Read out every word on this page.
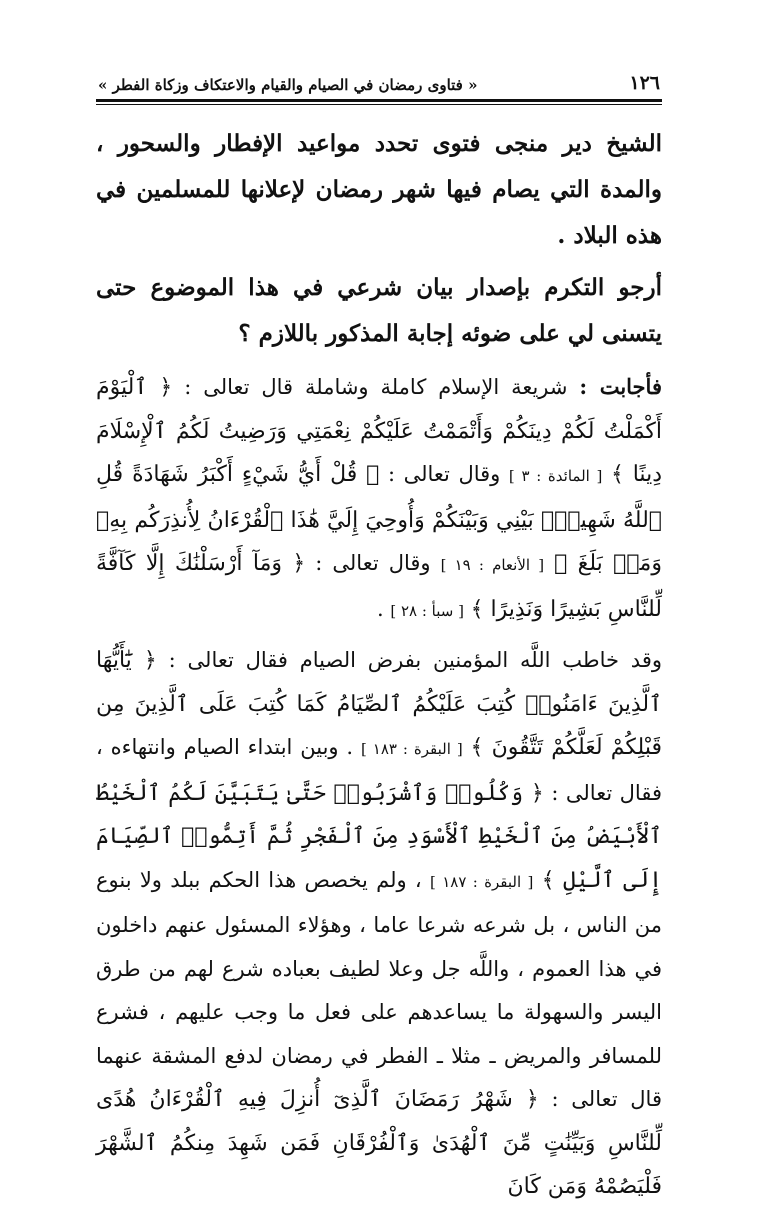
١٢٦
« فتاوى رمضان في الصيام والقيام والاعتكاف وزكاة الفطر »

الشيخ دير منجى فتوى تحدد مواعيد الإفطار والسحور ، والمدة التي يصام فيها شهر رمضان لإعلانها للمسلمين في هذه البلاد .

أرجو التكرم بإصدار بيان شرعي في هذا الموضوع حتى يتسنى لي على ضوئه إجابة المذكور باللازم ؟

فأجابت : شريعة الإسلام كاملة وشاملة قال تعالى : ﴿ ٱلْيَوْمَ أَكْمَلْتُ لَكُمْ دِينَكُمْ وَأَتْمَمْتُ عَلَيْكُمْ نِعْمَتِي وَرَضِيتُ لَكُمُ ٱلْإِسْلَامَ دِينًا ﴾ [ المائدة : ٣ ] وقال تعالى : ﴿ قُلْ أَيُّ شَيْءٍ أَكْبَرُ شَهَادَةً قُلِ ٱللَّهُ شَهِيدٌۢ بَيْنِي وَبَيْنَكُمْ وَأُوحِيَ إِلَيَّ هَٰذَا ٱلْقُرْءَانُ لِأُنذِرَكُم بِهِۦ وَمَنۢ بَلَغَ ﴾ [ الأنعام : ١٩ ] وقال تعالى : ﴿ وَمَآ أَرْسَلْنَٰكَ إِلَّا كَآفَّةً لِّلنَّاسِ بَشِيرًا وَنَذِيرًا ﴾ [ سبأ : ٢٨ ] .

وقد خاطب اللَّه المؤمنين بفرض الصيام فقال تعالى : ﴿ يَٰٓأَيُّهَا ٱلَّذِينَ ءَامَنُوا۟ كُتِبَ عَلَيْكُمُ ٱلصِّيَامُ كَمَا كُتِبَ عَلَى ٱلَّذِينَ مِن قَبْلِكُمْ لَعَلَّكُمْ تَتَّقُونَ ﴾ [ البقرة : ١٨٣ ] . وبين ابتداء الصيام وانتهاءه ، فقال تعالى : ﴿ وَكُلُوا۟ وَٱشْرَبُوا۟ حَتَّىٰ يَتَبَيَّنَ لَكُمُ ٱلْخَيْطُ ٱلْأَبْيَضُ مِنَ ٱلْخَيْطِ ٱلْأَسْوَدِ مِنَ ٱلْفَجْرِ ثُمَّ أَتِمُّوا۟ ٱلصِّيَامَ إِلَى ٱلَّيْلِ ﴾ [ البقرة : ١٨٧ ] ، ولم يخصص هذا الحكم ببلد ولا بنوع من الناس ، بل شرعه شرعا عاما ، وهؤلاء المسئول عنهم داخلون في هذا العموم ، واللَّه جل وعلا لطيف بعباده شرع لهم من طرق اليسر والسهولة ما يساعدهم على فعل ما وجب عليهم ، فشرع للمسافر والمريض ـ مثلا ـ الفطر في رمضان لدفع المشقة عنهما قال تعالى : ﴿ شَهْرُ رَمَضَانَ ٱلَّذِىٓ أُنزِلَ فِيهِ ٱلْقُرْءَانُ هُدًى لِّلنَّاسِ وَبَيِّنَٰتٍ مِّنَ ٱلْهُدَىٰ وَٱلْفُرْقَانِ فَمَن شَهِدَ مِنكُمُ ٱلشَّهْرَ فَلْيَصُمْهُ وَمَن كَانَ
